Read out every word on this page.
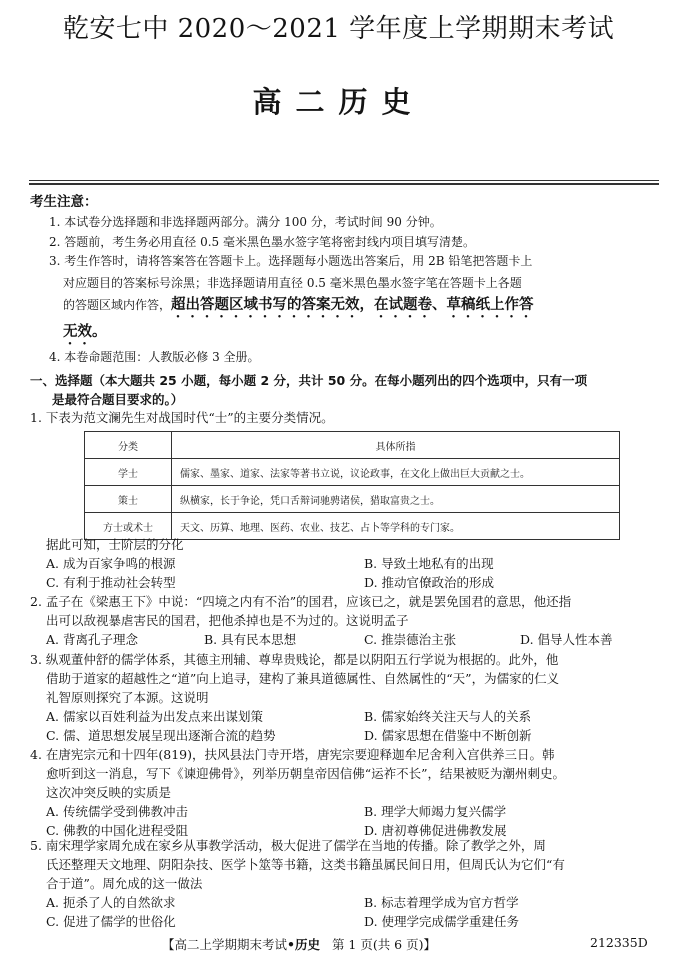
乾安七中 2020～2021 学年度上学期期末考试
高二历史
考生注意：
1. 本试卷分选择题和非选择题两部分。满分 100 分，考试时间 90 分钟。
2. 答题前，考生务必用直径 0.5 毫米黑色墨水签字笔将密封线内项目填写清楚。
3. 考生作答时，请将答案答在答题卡上。选择题每小题选出答案后，用 2B 铅笔把答题卡上
对应题目的答案标号涂黑；非选择题请用直径 0.5 毫米黑色墨水签字笔在答题卡上各题
的答题区域内作答，超出答题区域书写的答案无效，在试题卷、草稿纸上作答
无效。
4. 本卷命题范围：人教版必修 3 全册。
一、选择题（本大题共 25 小题，每小题 2 分，共计 50 分。在每小题列出的四个选项中，只有一项
是最符合题目要求的。）
1. 下表为范文澜先生对战国时代“士”的主要分类情况。
分类	具体所指
学士	儒家、墨家、道家、法家等著书立说，议论政事，在文化上做出巨大贡献之士。
策士	纵横家，长于争论，凭口舌辩词驰骋诸侯，猎取富贵之士。
方士或术士	天文、历算、地理、医药、农业、技艺、占卜等学科的专门家。
据此可知，士阶层的分化
A. 成为百家争鸣的根源	B. 导致土地私有的出现
C. 有利于推动社会转型	D. 推动官僚政治的形成
2. 孟子在《梁惠王下》中说：“四境之内有不治”的国君，应该已之，就是罢免国君的意思，他还指
出可以敌视暴虐害民的国君，把他杀掉也是不为过的。这说明孟子
A. 背离孔子理念	B. 具有民本思想	C. 推崇德治主张	D. 倡导人性本善
3. 纵观董仲舒的儒学体系，其德主刑辅、尊卑贵贱论，都是以阴阳五行学说为根据的。此外，他
借助于道家的超越性之“道”向上追寻，建构了兼具道德属性、自然属性的“天”，为儒家的仁义
礼智原则探究了本源。这说明
A. 儒家以百姓利益为出发点来出谋划策	B. 儒家始终关注天与人的关系
C. 儒、道思想发展呈现出逐渐合流的趋势	D. 儒家思想在借鉴中不断创新
4. 在唐宪宗元和十四年(819)，扶风县法门寺开塔，唐宪宗要迎释迦牟尼舍利入宫供养三日。韩
愈听到这一消息，写下《谏迎佛骨》，列举历朝皇帝因信佛“运祚不长”，结果被贬为潮州刺史。
这次冲突反映的实质是
A. 传统儒学受到佛教冲击	B. 理学大师竭力复兴儒学
C. 佛教的中国化进程受阻	D. 唐初尊佛促进佛教发展
5. 南宋理学家周允成在家乡从事教学活动，极大促进了儒学在当地的传播。除了教学之外，周
氏还整理天文地理、阴阳杂技、医学卜筮等书籍，这类书籍虽属民间日用，但周氏认为它们“有
合于道”。周允成的这一做法
A. 扼杀了人的自然欲求	B. 标志着理学成为官方哲学
C. 促进了儒学的世俗化	D. 使理学完成儒学重建任务
【高二上学期期末考试•历史 第 1 页(共 6 页)】	212335D
